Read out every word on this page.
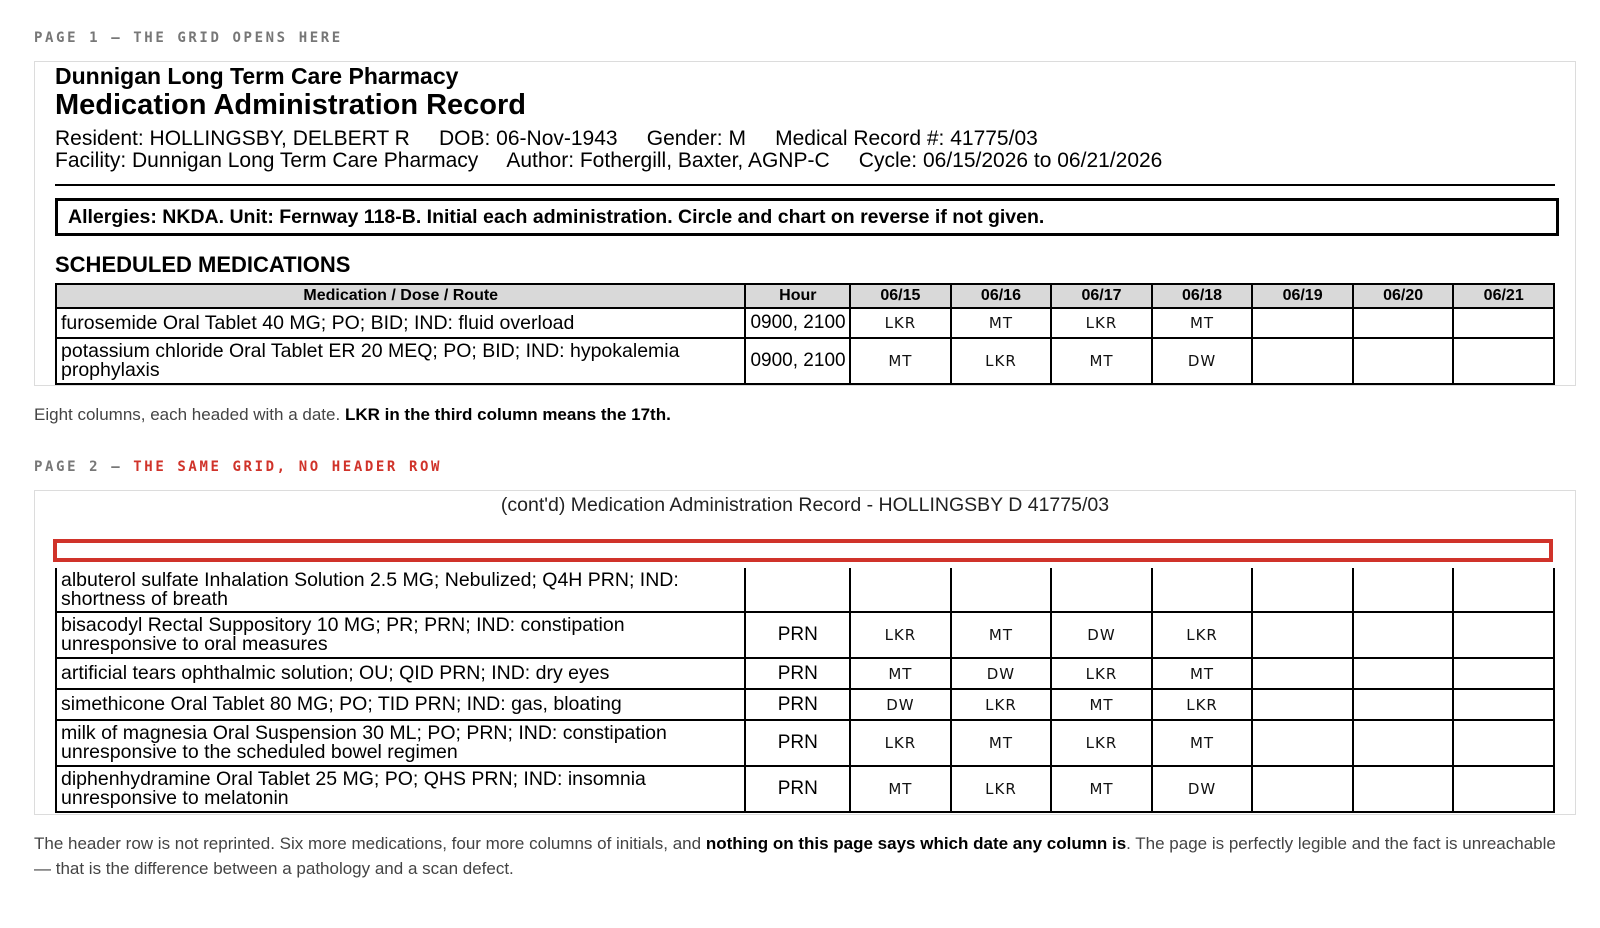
PAGE 1 — THE GRID OPENS HERE
Dunnigan Long Term Care Pharmacy
Medication Administration Record
Resident: HOLLINGSBY, DELBERT R     DOB: 06-Nov-1943     Gender: M     Medical Record #: 41775/03
Facility: Dunnigan Long Term Care Pharmacy     Author: Fothergill, Baxter, AGNP-C     Cycle: 06/15/2026 to 06/21/2026
Allergies: NKDA. Unit: Fernway 118-B. Initial each administration. Circle and chart on reverse if not given.
SCHEDULED MEDICATIONS
Medication / Dose / Route	Hour	06/15	06/16	06/17	06/18	06/19	06/20	06/21
furosemide Oral Tablet 40 MG; PO; BID; IND: fluid overload	0900, 2100	LKR	MT	LKR	MT			
potassium chloride Oral Tablet ER 20 MEQ; PO; BID; IND: hypokalemia prophylaxis	0900, 2100	MT	LKR	MT	DW			
Eight columns, each headed with a date. LKR in the third column means the 17th.
PAGE 2 — THE SAME GRID, NO HEADER ROW
(cont'd) Medication Administration Record - HOLLINGSBY D 41775/03
albuterol sulfate Inhalation Solution 2.5 MG; Nebulized; Q4H PRN; IND: shortness of breath								
bisacodyl Rectal Suppository 10 MG; PR; PRN; IND: constipation unresponsive to oral measures	PRN	LKR	MT	DW	LKR			
artificial tears ophthalmic solution; OU; QID PRN; IND: dry eyes	PRN	MT	DW	LKR	MT			
simethicone Oral Tablet 80 MG; PO; TID PRN; IND: gas, bloating	PRN	DW	LKR	MT	LKR			
milk of magnesia Oral Suspension 30 ML; PO; PRN; IND: constipation unresponsive to the scheduled bowel regimen	PRN	LKR	MT	LKR	MT			
diphenhydramine Oral Tablet 25 MG; PO; QHS PRN; IND: insomnia unresponsive to melatonin	PRN	MT	LKR	MT	DW			
The header row is not reprinted. Six more medications, four more columns of initials, and nothing on this page says which date any column is. The page is perfectly legible and the fact is unreachable — that is the difference between a pathology and a scan defect.
